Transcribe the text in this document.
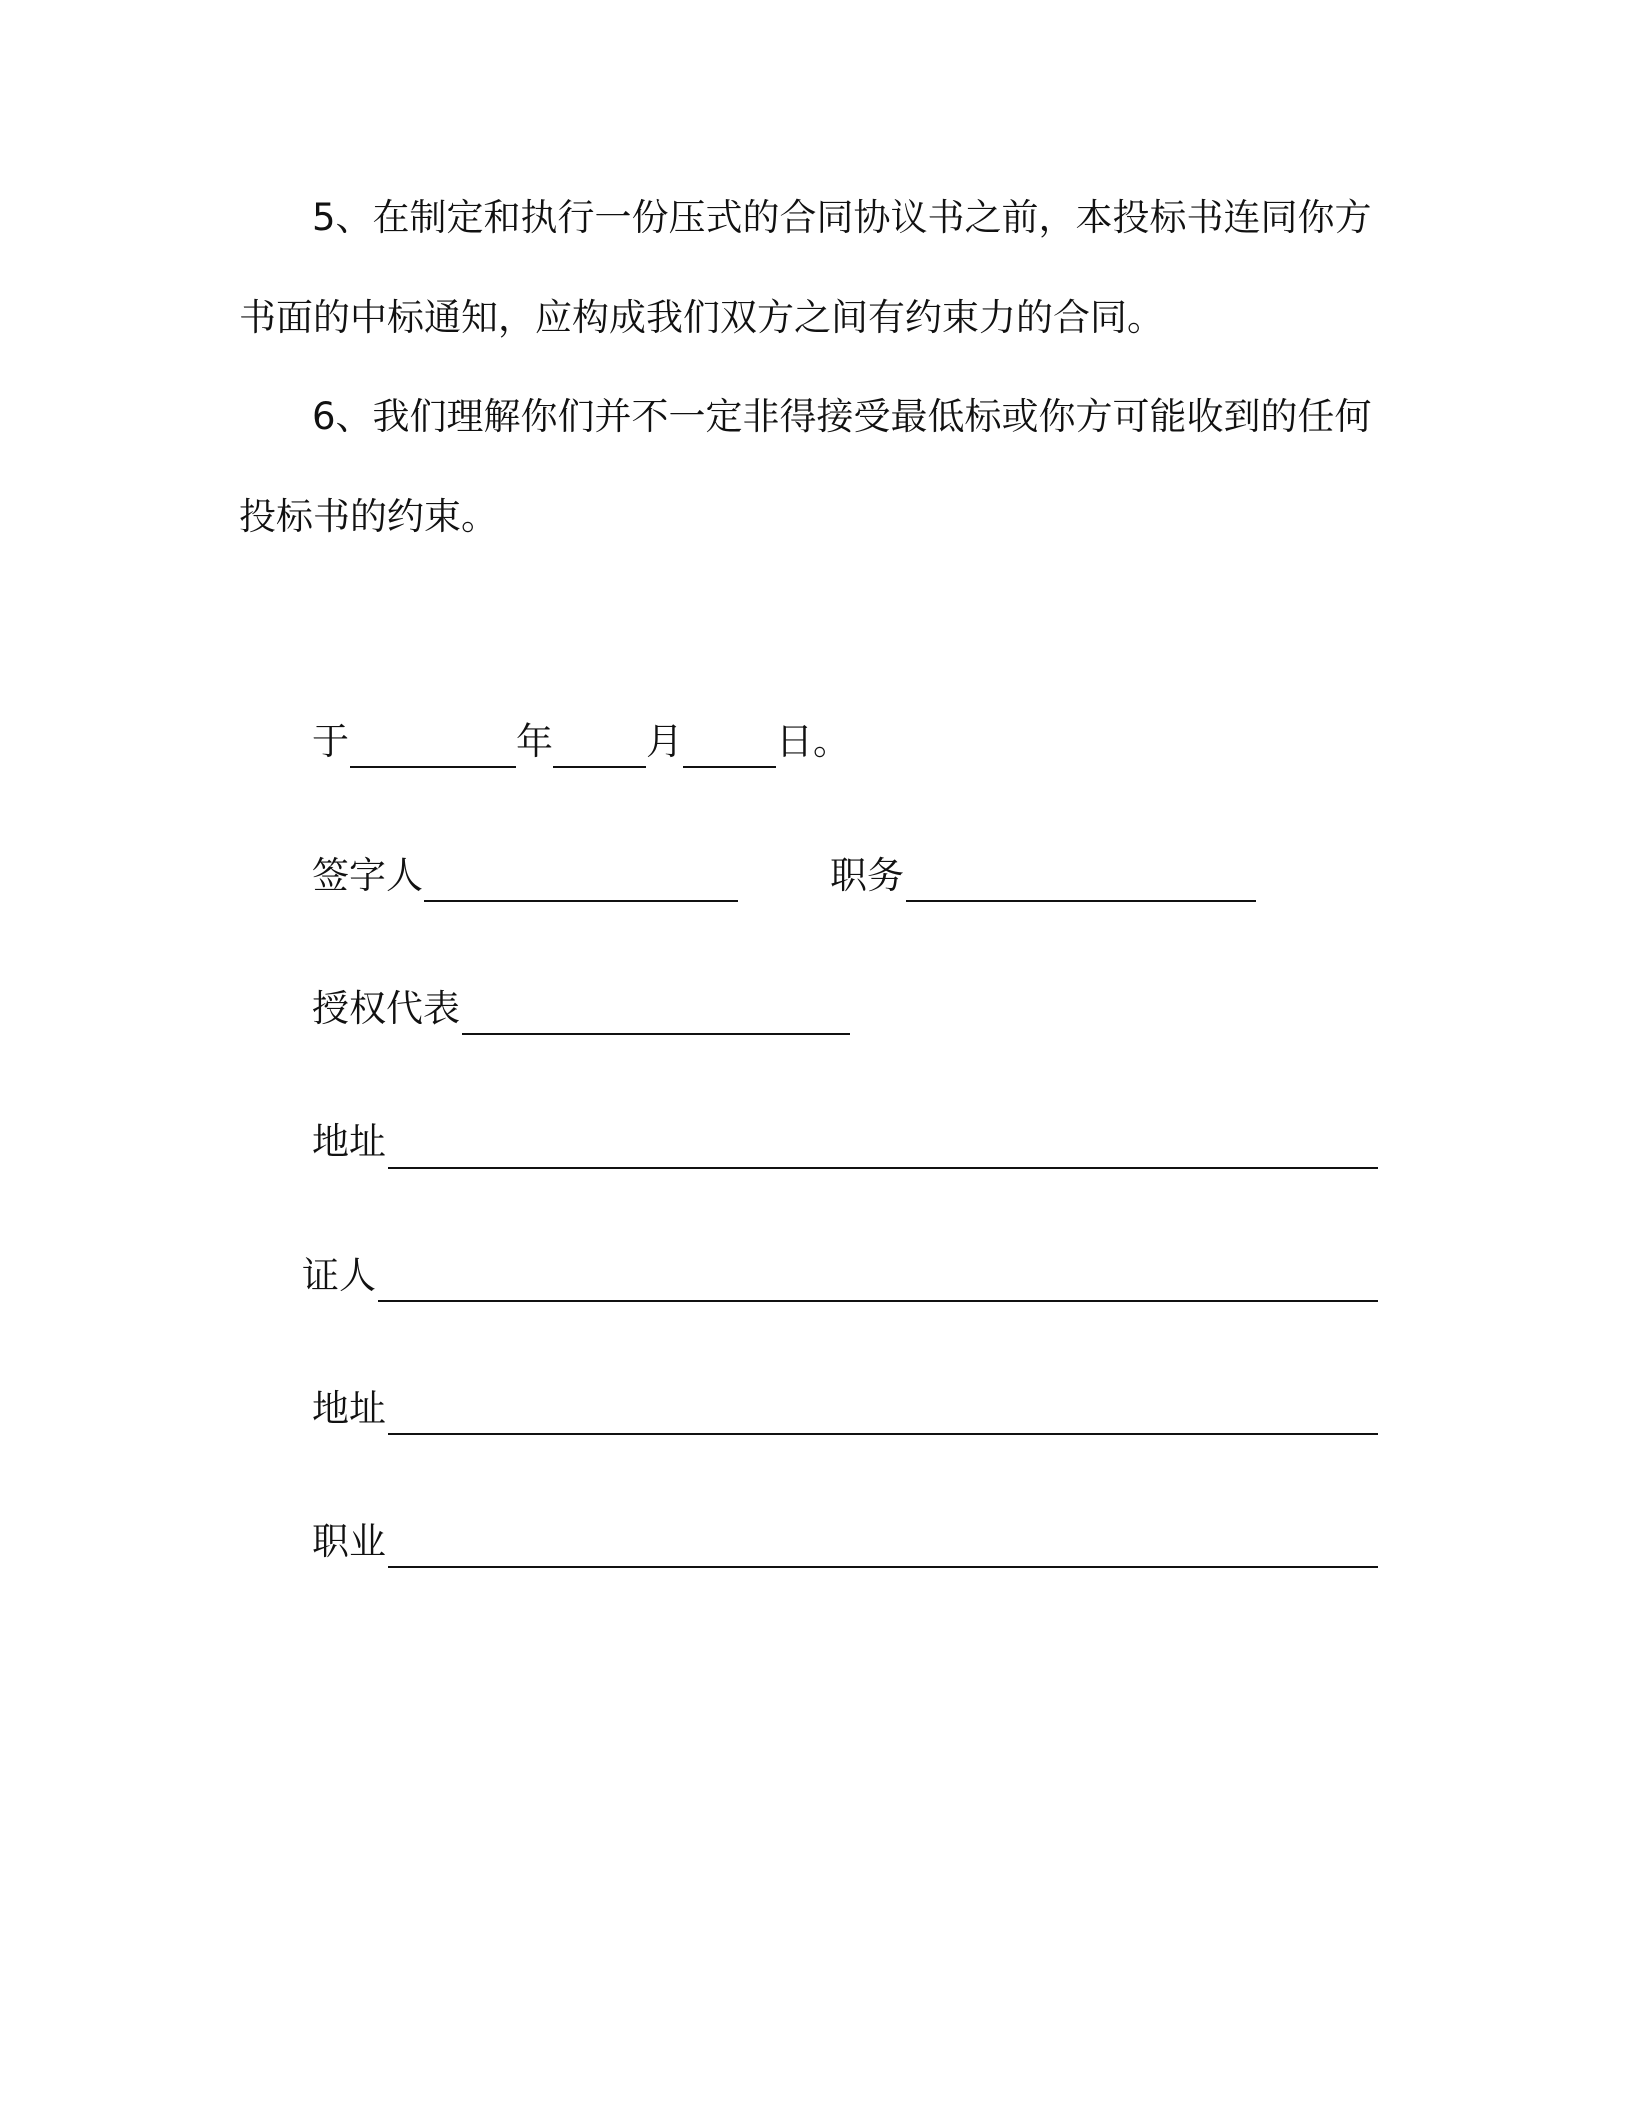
5、在制定和执行一份压式的合同协议书之前，本投标书连同你方
书面的中标通知，应构成我们双方之间有约束力的合同。
6、我们理解你们并不一定非得接受最低标或你方可能收到的任何
投标书的约束。
于	年	月	日。
签字人	职务
授权代表
地址
证人
地址
职业
